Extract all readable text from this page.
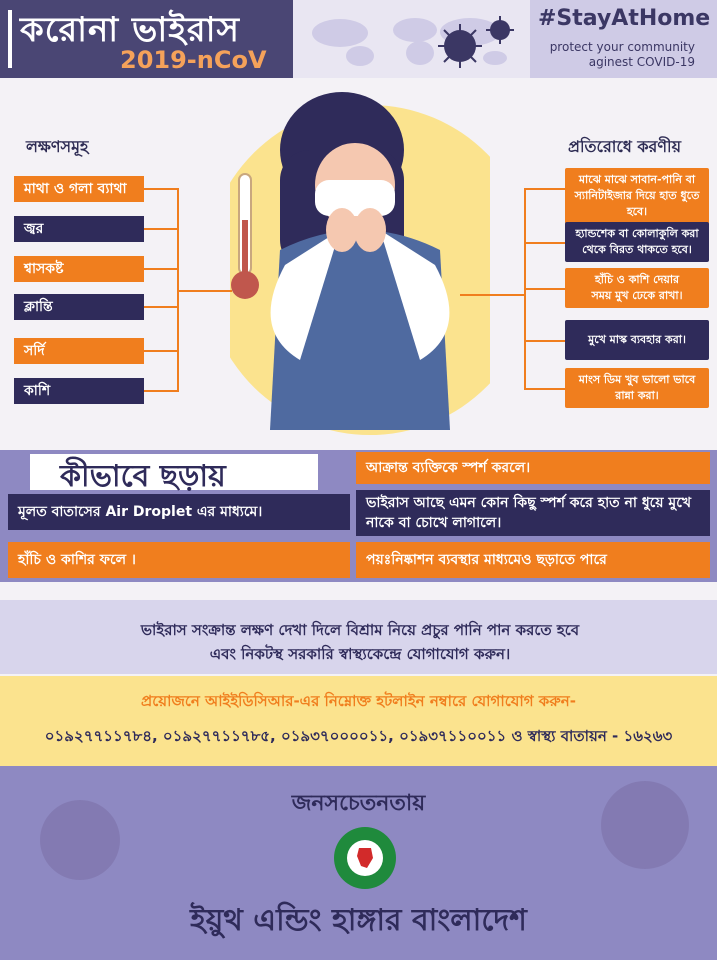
করোনা ভাইরাস
2019-nCoV
#StayAtHome
protect your community
aginest COVID-19
লক্ষণসমূহ
মাথা ও গলা ব্যাথা
জ্বর
শ্বাসকষ্ট
ক্লান্তি
সর্দি
কাশি
প্রতিরোধে করণীয়
মাঝে মাঝে সাবান-পানি বা
স্যানিটাইজার দিয়ে হাত ধুতে হবে।
হ্যান্ডশেক বা কোলাকুলি করা
থেকে বিরত থাকতে হবে।
হাঁচি ও কাশি দেয়ার
সময় মুখ ঢেকে রাখা।
মুখে মাস্ক ব্যবহার করা।
মাংস ডিম খুব ভালো ভাবে
রান্না করা।
কীভাবে ছড়ায়	আক্রান্ত ব্যক্তিকে স্পর্শ করলে।
মূলত বাতাসের Air Droplet এর মাধ্যমে।
ভাইরাস আছে এমন কোন কিছু স্পর্শ করে হাত না ধুয়ে মুখে নাকে বা চোখে লাগালে।
হাঁচি ও কাশির ফলে ।	পয়ঃনিষ্কাশন ব্যবস্থার মাধ্যমেও ছড়াতে পারে
ভাইরাস সংক্রান্ত লক্ষণ দেখা দিলে বিশ্রাম নিয়ে প্রচুর পানি পান করতে হবে
এবং নিকটস্থ সরকারি স্বাস্থ্যকেন্দ্রে যোগাযোগ করুন।
প্রয়োজনে আইইডিসিআর-এর নিম্নোক্ত হটলাইন নম্বারে যোগাযোগ করুন-
০১৯২৭৭১১৭৮৪, ০১৯২৭৭১১৭৮৫, ০১৯৩৭০০০০১১, ০১৯৩৭১১০০১১ ও স্বাস্থ্য বাতায়ন - ১৬২৬৩
জনসচেতনতায়
ইয়ুথ এন্ডিং হাঙ্গার বাংলাদেশ
